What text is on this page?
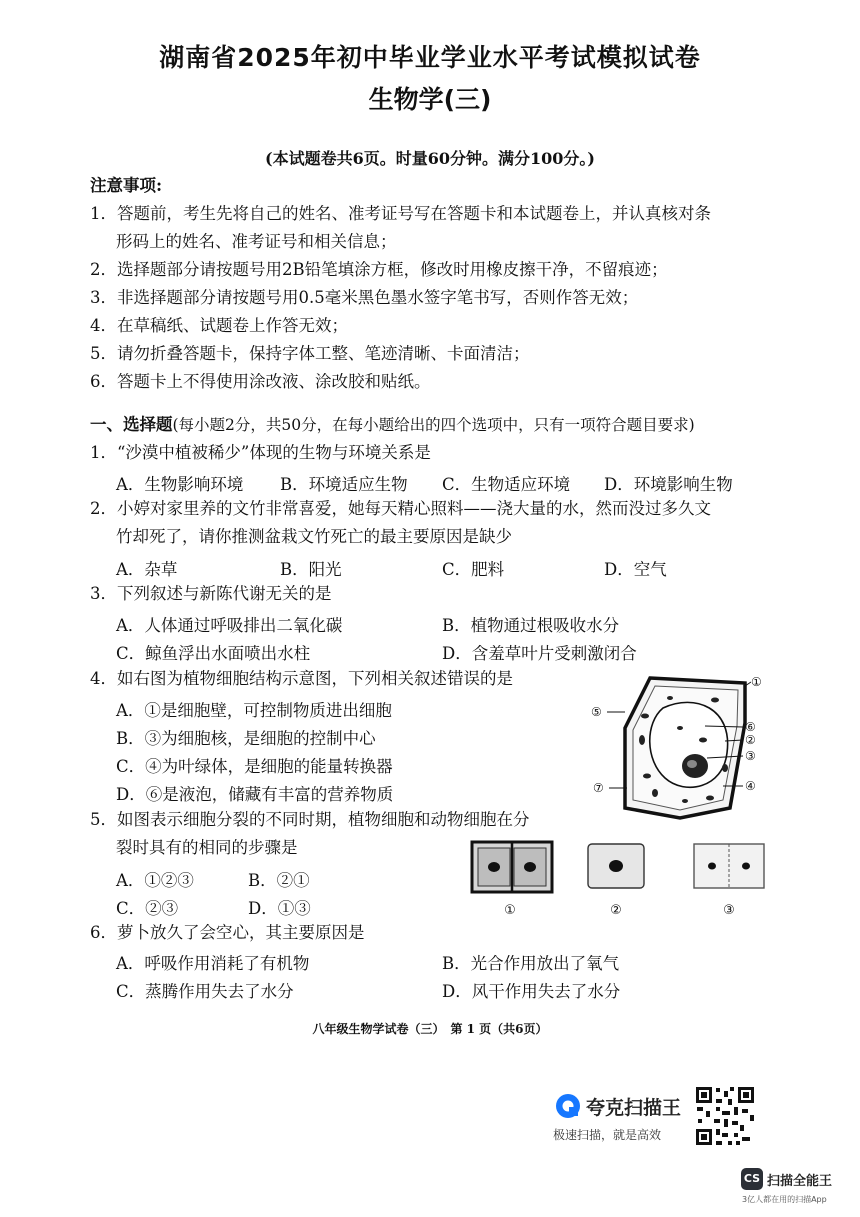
湖南省2025年初中毕业学业水平考试模拟试卷
生物学(三)
(本试题卷共6页。时量60分钟。满分100分。)
注意事项:
1．答题前，考生先将自己的姓名、准考证号写在答题卡和本试题卷上，并认真核对条
形码上的姓名、准考证号和相关信息；
2．选择题部分请按题号用2B铅笔填涂方框，修改时用橡皮擦干净，不留痕迹；
3．非选择题部分请按题号用0.5毫米黑色墨水签字笔书写，否则作答无效；
4．在草稿纸、试题卷上作答无效；
5．请勿折叠答题卡，保持字体工整、笔迹清晰、卡面清洁；
6．答题卡上不得使用涂改液、涂改胶和贴纸。
一、选择题(每小题2分，共50分，在每小题给出的四个选项中，只有一项符合题目要求)
1．“沙漠中植被稀少”体现的生物与环境关系是
A．生物影响环境 B．环境适应生物 C．生物适应环境 D．环境影响生物
2．小婷对家里养的文竹非常喜爱，她每天精心照料——浇大量的水，然而没过多久文
竹却死了，请你推测盆栽文竹死亡的最主要原因是缺少
A．杂草	B．阳光	C．肥料	D．空气
3．下列叙述与新陈代谢无关的是
A．人体通过呼吸排出二氧化碳	B．植物通过根吸收水分
C．鲸鱼浮出水面喷出水柱	D．含羞草叶片受刺激闭合
4．如右图为植物细胞结构示意图，下列相关叙述错误的是
A．①是细胞壁，可控制物质进出细胞
B．③为细胞核，是细胞的控制中心
C．④为叶绿体，是细胞的能量转换器
D．⑥是液泡，储藏有丰富的营养物质
①
⑤
⑥
②
③
⑦	④
5．如图表示细胞分裂的不同时期，植物细胞和动物细胞在分
裂时具有的相同的步骤是
A．①②③	B．②①
C．②③	D．①③	①	②	③
6．萝卜放久了会空心，其主要原因是
A．呼吸作用消耗了有机物	B．光合作用放出了氧气
C．蒸腾作用失去了水分	D．风干作用失去了水分
八年级生物学试卷（三）　第 1 页（共6页）
夸克扫描王
极速扫描，就是高效
CS 扫描全能王
3亿人都在用的扫描App
